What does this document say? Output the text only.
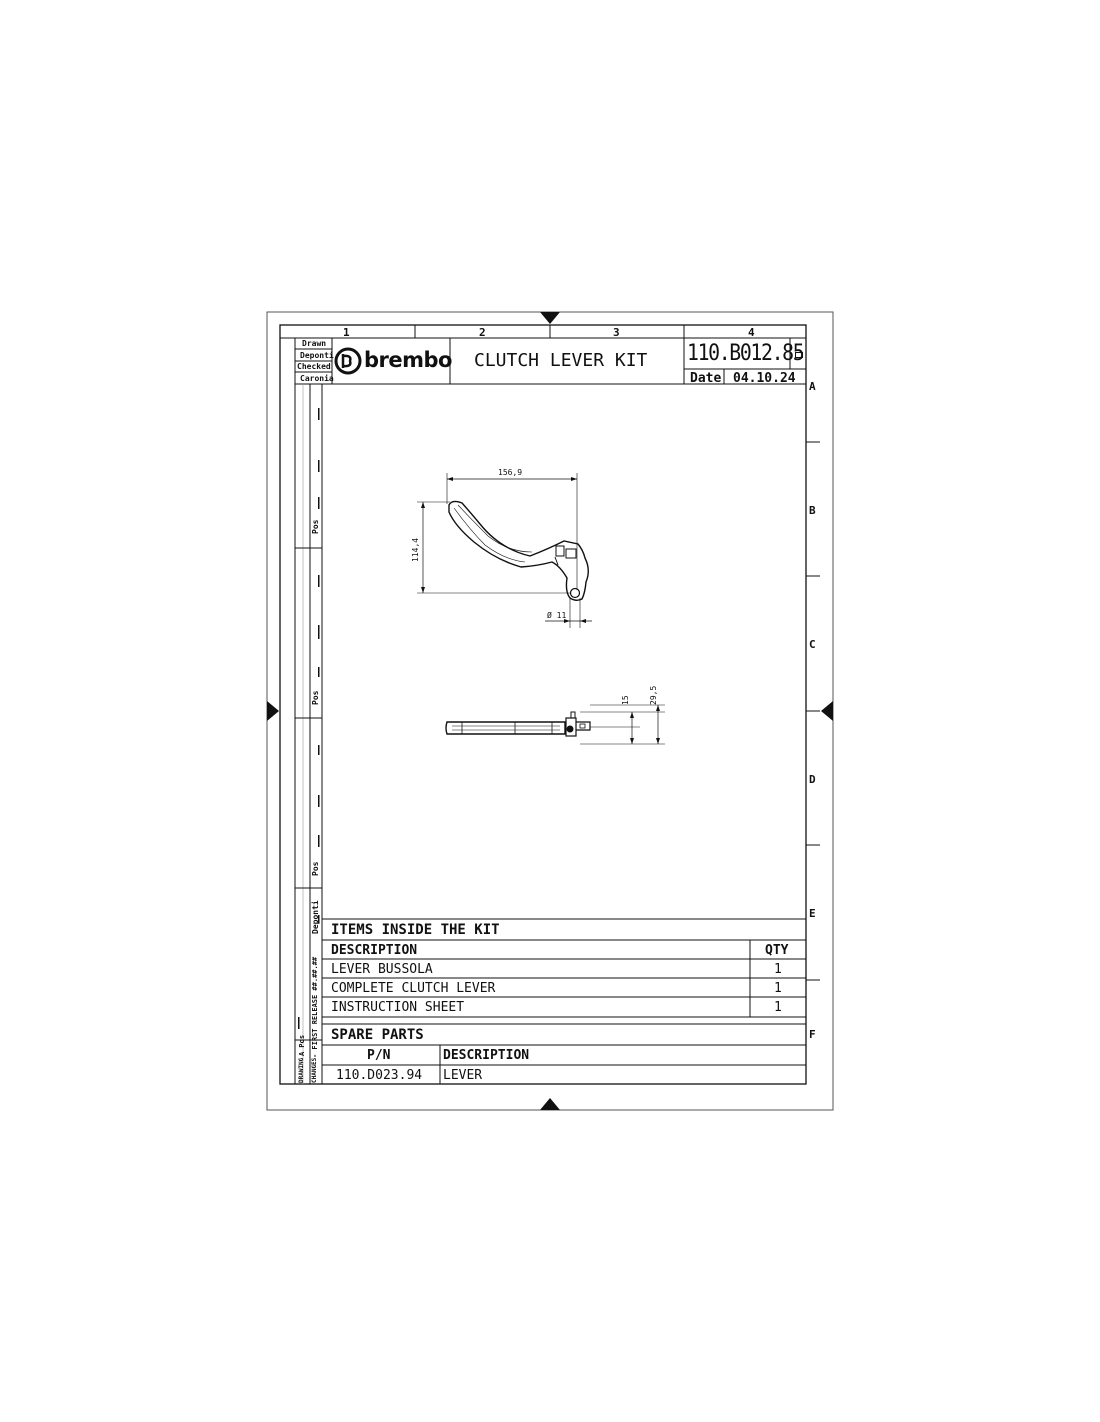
1	2	3	4
A
B
C
D
E
F
Drawn
Deponti
Checked
Caronia
brembo CLUTCH LEVER KIT 110.B012.85
Date 04.10.24
156,9
114,4
Ø 11
15 29,5
Pos
Pos
Pos
Deponti
- FIRST RELEASE ##.##.##
CHANGES
DRAWING
A Pos
ITEMS INSIDE THE KIT
DESCRIPTION	QTY
LEVER BUSSOLA	1
COMPLETE CLUTCH LEVER	1
INSTRUCTION SHEET	1
SPARE PARTS
P/N	DESCRIPTION
110.D023.94 LEVER
